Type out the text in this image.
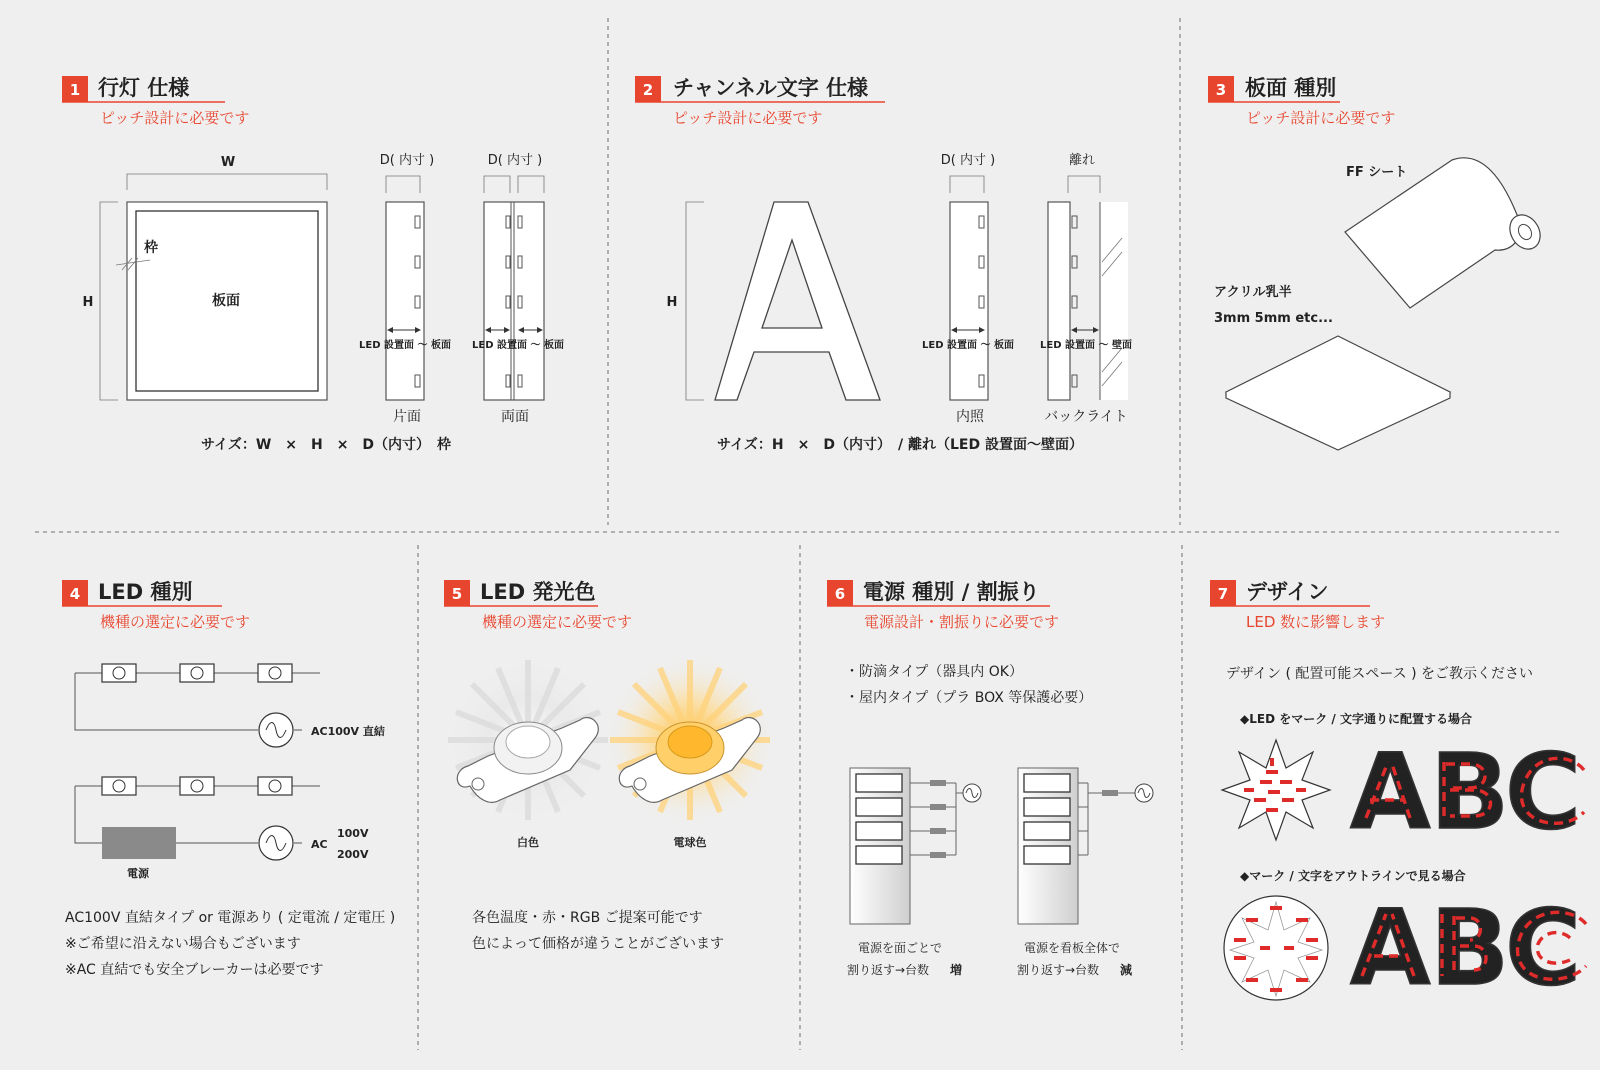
1 行灯 仕様
ピッチ設計に必要です
2 チャンネル文字 仕様
ピッチ設計に必要です
3 板面 種別
ピッチ設計に必要です
4 LED 種別
機種の選定に必要です
5 LED 発光色
機種の選定に必要です
6 電源 種別 / 割振り
電源設計・割振りに必要です
7 デザイン
LED 数に影響します
W
H
枠
板面
D( 内寸 )
LED 設置面 ～ 板面
片面
D( 内寸 )
LED 設置面 ～ 板面
両面
サイズ：W　×　H　×　D（内寸）　枠
H
D( 内寸 )
LED 設置面 ～ 板面
内照
離れ
LED 設置面 ～ 壁面
バックライト
サイズ：H　×　D（内寸）　/ 離れ（LED 設置面～壁面）
FF シート
アクリル乳半
3mm 5mm etc...
AC100V 直結
電源
AC
100V
200V
AC100V 直結タイプ or 電源あり ( 定電流 / 定電圧 )
※ご希望に沿えない場合もございます
※AC 直結でも安全ブレーカーは必要です
白色	電球色
各色温度・赤・RGB ご提案可能です
色によって価格が違うことがございます
・防滴タイプ（器具内 OK）
・屋内タイプ（プラ BOX 等保護必要）
電源を面ごとで
割り返す→台数 増
電源を看板全体で
割り返す→台数 減
デザイン ( 配置可能スペース ) をご教示ください
◆LED をマーク / 文字通りに配置する場合
A B
C
◆マーク / 文字をアウトラインで見る場合
A B
C
